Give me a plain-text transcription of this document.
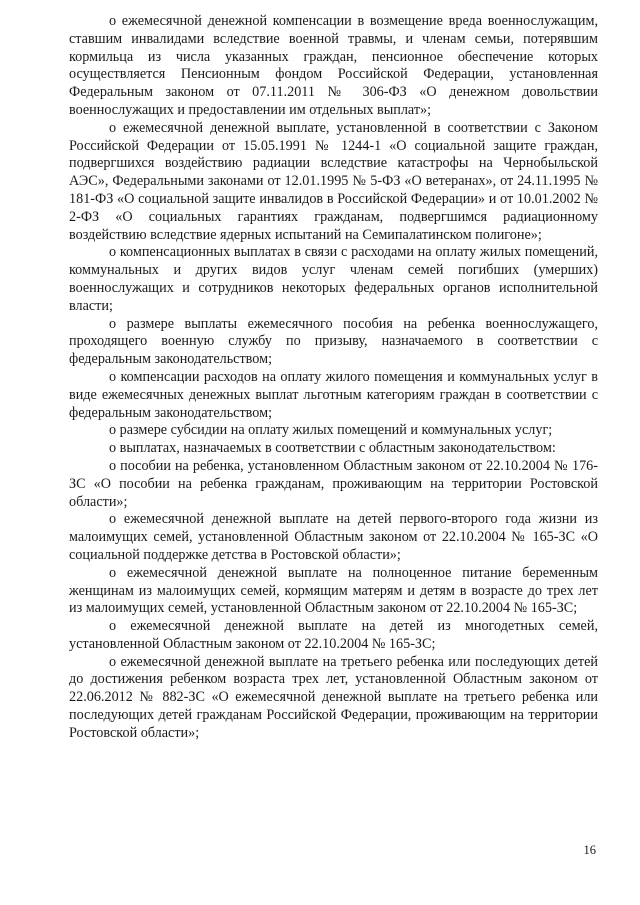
о ежемесячной денежной компенсации в возмещение вреда военнослужащим, ставшим инвалидами вследствие военной травмы, и членам семьи, потерявшим кормильца из числа указанных граждан, пенсионное обеспечение которых осуществляется Пенсионным фондом Российской Федерации, установленная Федеральным законом от 07.11.2011 № 306-ФЗ «О денежном довольствии военнослужащих и предоставлении им отдельных выплат»;

о ежемесячной денежной выплате, установленной в соответствии с Законом Российской Федерации от 15.05.1991 № 1244-1 «О социальной защите граждан, подвергшихся воздействию радиации вследствие катастрофы на Чернобыльской АЭС», Федеральными законами от 12.01.1995 № 5-ФЗ «О ветеранах», от 24.11.1995 № 181-ФЗ «О социальной защите инвалидов в Российской Федерации» и от 10.01.2002 № 2-ФЗ «О социальных гарантиях гражданам, подвергшимся радиационному воздействию вследствие ядерных испытаний на Семипалатинском полигоне»;

о компенсационных выплатах в связи с расходами на оплату жилых помещений, коммунальных и других видов услуг членам семей погибших (умерших) военнослужащих и сотрудников некоторых федеральных органов исполнительной власти;

о размере выплаты ежемесячного пособия на ребенка военнослужащего, проходящего военную службу по призыву, назначаемого в соответствии с федеральным законодательством;

о компенсации расходов на оплату жилого помещения и коммунальных услуг в виде ежемесячных денежных выплат льготным категориям граждан в соответствии с федеральным законодательством;

о размере субсидии на оплату жилых помещений и коммунальных услуг;

о выплатах, назначаемых в соответствии с областным законодательством:

о пособии на ребенка, установленном Областным законом от 22.10.2004 № 176-ЗС «О пособии на ребенка гражданам, проживающим на территории Ростовской области»;

о ежемесячной денежной выплате на детей первого-второго года жизни из малоимущих семей, установленной Областным законом от 22.10.2004 № 165-ЗС «О социальной поддержке детства в Ростовской области»;

о ежемесячной денежной выплате на полноценное питание беременным женщинам из малоимущих семей, кормящим матерям и детям в возрасте до трех лет из малоимущих семей, установленной Областным законом от 22.10.2004 № 165-ЗС;

о ежемесячной денежной выплате на детей из многодетных семей, установленной Областным законом от 22.10.2004 № 165-ЗС;

о ежемесячной денежной выплате на третьего ребенка или последующих детей до достижения ребенком возраста трех лет, установленной Областным законом от 22.06.2012 № 882-ЗС «О ежемесячной денежной выплате на третьего ребенка или последующих детей гражданам Российской Федерации, проживающим на территории Ростовской области»;

16
